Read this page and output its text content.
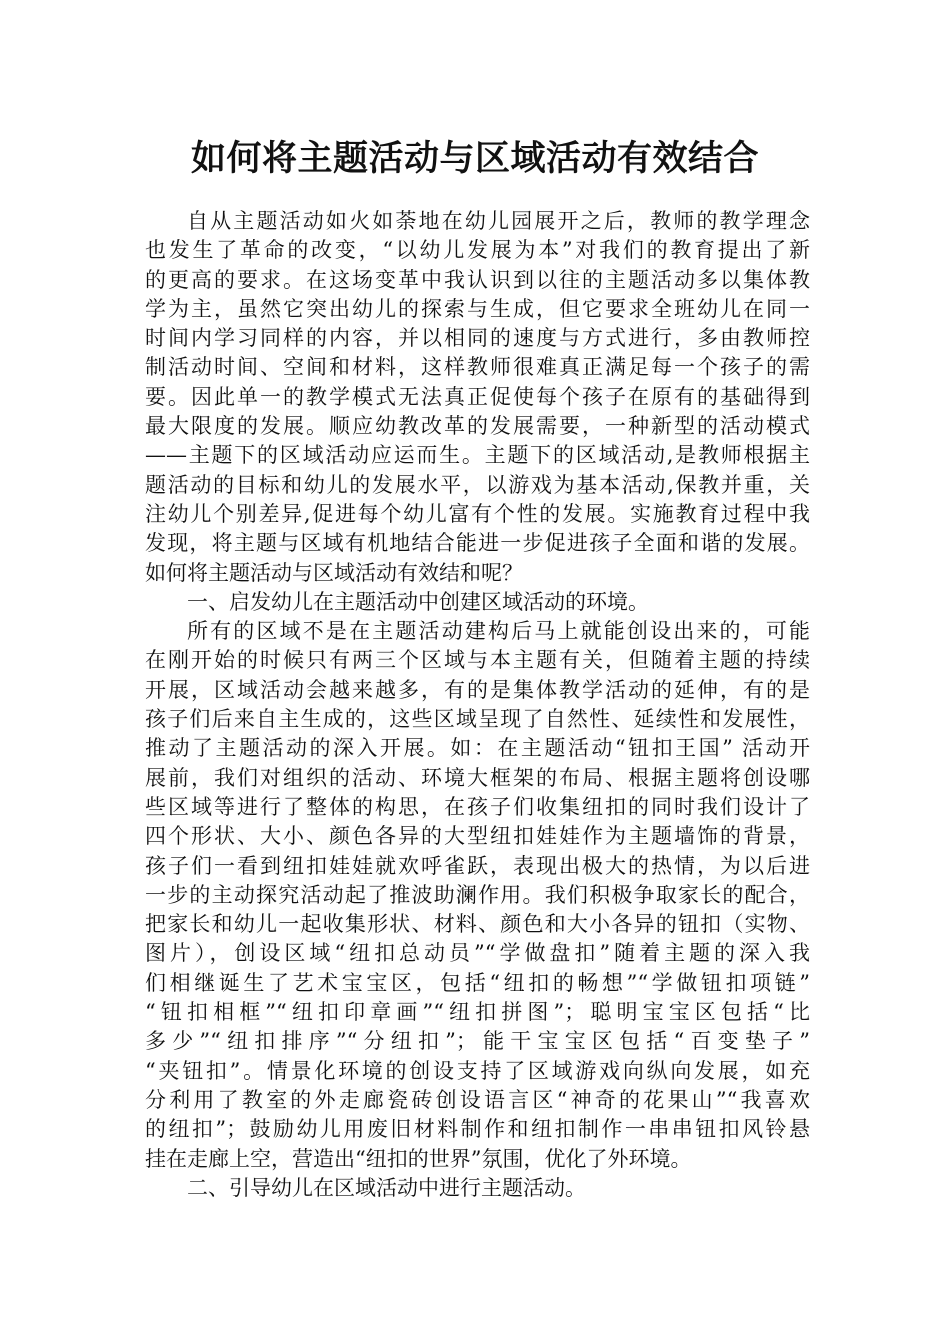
如何将主题活动与区域活动有效结合
自从主题活动如火如荼地在幼儿园展开之后，教师的教学理念
也发生了革命的改变，“以幼儿发展为本”对我们的教育提出了新
的更高的要求。在这场变革中我认识到以往的主题活动多以集体教
学为主，虽然它突出幼儿的探索与生成，但它要求全班幼儿在同一
时间内学习同样的内容，并以相同的速度与方式进行，多由教师控
制活动时间、空间和材料，这样教师很难真正满足每一个孩子的需
要。因此单一的教学模式无法真正促使每个孩子在原有的基础得到
最大限度的发展。顺应幼教改革的发展需要，一种新型的活动模式
——主题下的区域活动应运而生。主题下的区域活动,是教师根据主
题活动的目标和幼儿的发展水平，以游戏为基本活动,保教并重，关
注幼儿个别差异,促进每个幼儿富有个性的发展。实施教育过程中我
发现，将主题与区域有机地结合能进一步促进孩子全面和谐的发展。
如何将主题活动与区域活动有效结和呢？
一、启发幼儿在主题活动中创建区域活动的环境。
所有的区域不是在主题活动建构后马上就能创设出来的，可能
在刚开始的时候只有两三个区域与本主题有关，但随着主题的持续
开展，区域活动会越来越多，有的是集体教学活动的延伸，有的是
孩子们后来自主生成的，这些区域呈现了自然性、延续性和发展性，
推动了主题活动的深入开展。如：在主题活动“钮扣王国” 活动开
展前，我们对组织的活动、环境大框架的布局、根据主题将创设哪
些区域等进行了整体的构思，在孩子们收集纽扣的同时我们设计了
四个形状、大小、颜色各异的大型纽扣娃娃作为主题墙饰的背景，
孩子们一看到纽扣娃娃就欢呼雀跃，表现出极大的热情，为以后进
一步的主动探究活动起了推波助澜作用。我们积极争取家长的配合，
把家长和幼儿一起收集形状、材料、颜色和大小各异的钮扣（实物、
图片），创设区域“纽扣总动员”“学做盘扣”随着主题的深入我
们相继诞生了艺术宝宝区，包括“纽扣的畅想”“学做钮扣项链”
“钮扣相框”“纽扣印章画”“纽扣拼图”；聪明宝宝区包括“比
多少”“纽扣排序”“分纽扣”；能干宝宝区包括“百变垫子”
“夹钮扣”。情景化环境的创设支持了区域游戏向纵向发展，如充
分利用了教室的外走廊瓷砖创设语言区“神奇的花果山”“我喜欢
的纽扣”；鼓励幼儿用废旧材料制作和纽扣制作一串串钮扣风铃悬
挂在走廊上空，营造出“纽扣的世界”氛围，优化了外环境。
二、引导幼儿在区域活动中进行主题活动。
